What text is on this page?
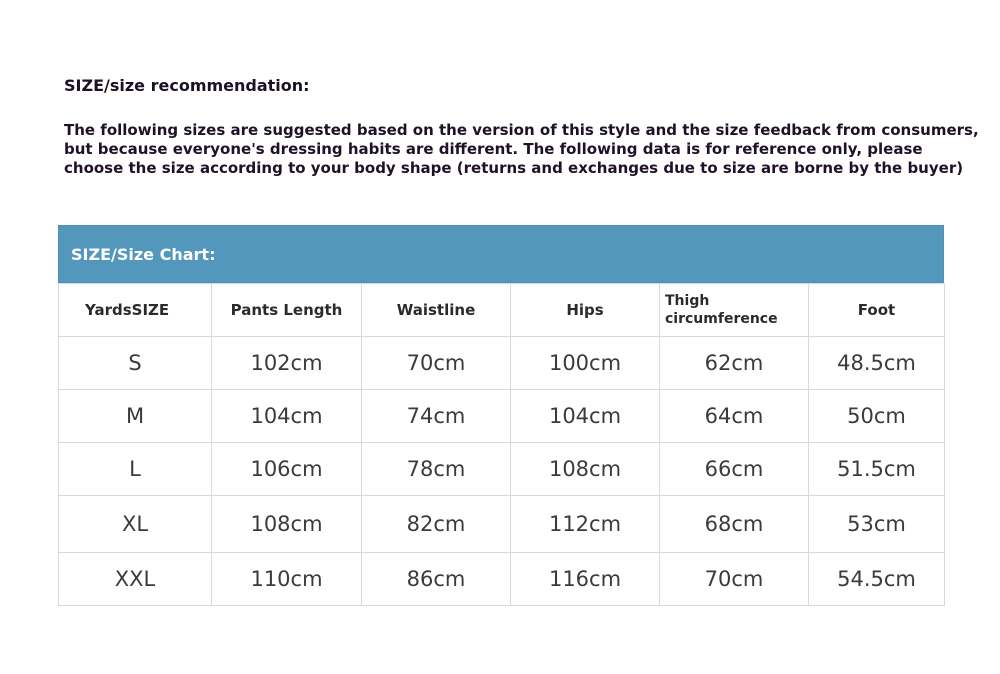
SIZE/size recommendation:
The following sizes are suggested based on the version of this style and the size feedback from consumers,
but because everyone's dressing habits are different. The following data is for reference only, please
choose the size according to your body shape (returns and exchanges due to size are borne by the buyer)
SIZE/Size Chart:
YardsSIZE	Pants Length	Waistline	Hips	Thigh circumference	Foot
S	102cm	70cm	100cm	62cm	48.5cm
M	104cm	74cm	104cm	64cm	50cm
L	106cm	78cm	108cm	66cm	51.5cm
XL	108cm	82cm	112cm	68cm	53cm
XXL	110cm	86cm	116cm	70cm	54.5cm
